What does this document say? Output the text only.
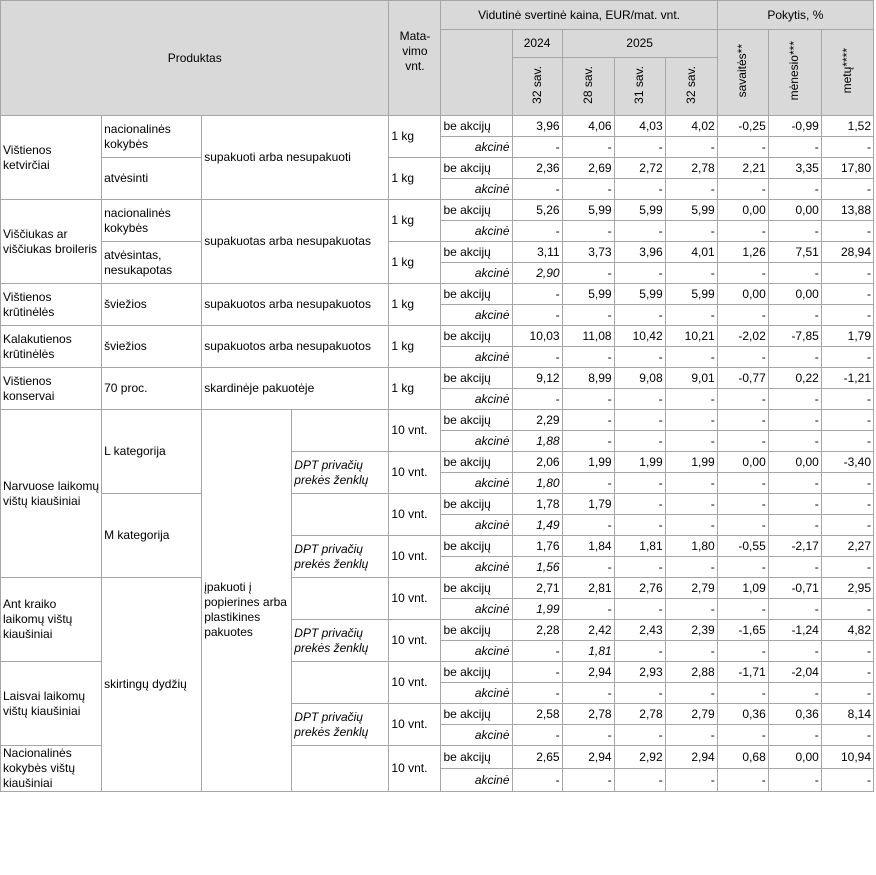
Produktas				Mata-
vimo
vnt.	Vidutinė svertinė kaina, EUR/mat. vnt.					Pokytis, %		
						2024	2025			savaitės**	mėnesio***	metų****
						32 sav.	28 sav.	31 sav.	32 sav.			
Vištienos ketvirčiai	nacionalinės kokybės	supakuoti arba nesupakuoti		1 kg	be akcijų	3,96	4,06	4,03	4,02	-0,25	-0,99	1,52
					akcinė	-	-	-	-	-	-	-
	atvėsinti			1 kg	be akcijų	2,36	2,69	2,72	2,78	2,21	3,35	17,80
					akcinė	-	-	-	-	-	-	-
Viščiukas ar viščiukas broileris	nacionalinės kokybės	supakuotas arba nesupakuotas		1 kg	be akcijų	5,26	5,99	5,99	5,99	0,00	0,00	13,88
					akcinė	-	-	-	-	-	-	-
	atvėsintas, nesukapotas			1 kg	be akcijų	3,11	3,73	3,96	4,01	1,26	7,51	28,94
					akcinė	2,90	-	-	-	-	-	-
Vištienos krūtinėlės	šviežios	supakuotos arba nesupakuotos		1 kg	be akcijų	-	5,99	5,99	5,99	0,00	0,00	-
					akcinė	-	-	-	-	-	-	-
Kalakutienos krūtinėlės	šviežios	supakuotos arba nesupakuotos		1 kg	be akcijų	10,03	11,08	10,42	10,21	-2,02	-7,85	1,79
					akcinė	-	-	-	-	-	-	-
Vištienos konservai	70 proc.	skardinėje pakuotėje		1 kg	be akcijų	9,12	8,99	9,08	9,01	-0,77	0,22	-1,21
					akcinė	-	-	-	-	-	-	-
Narvuose laikomų vištų kiaušiniai	L kategorija	įpakuoti į popierines arba plastikines pakuotes		10 vnt.	be akcijų	2,29	-	-	-	-	-	-
					akcinė	1,88	-	-	-	-	-	-
			DPT privačių prekės ženklų	10 vnt.	be akcijų	2,06	1,99	1,99	1,99	0,00	0,00	-3,40
					akcinė	1,80	-	-	-	-	-	-
	M kategorija			10 vnt.	be akcijų	1,78	1,79	-	-	-	-	-
					akcinė	1,49	-	-	-	-	-	-
			DPT privačių prekės ženklų	10 vnt.	be akcijų	1,76	1,84	1,81	1,80	-0,55	-2,17	2,27
					akcinė	1,56	-	-	-	-	-	-
Ant kraiko laikomų vištų kiaušiniai	skirtingų dydžių			10 vnt.	be akcijų	2,71	2,81	2,76	2,79	1,09	-0,71	2,95
					akcinė	1,99	-	-	-	-	-	-
			DPT privačių prekės ženklų	10 vnt.	be akcijų	2,28	2,42	2,43	2,39	-1,65	-1,24	4,82
					akcinė	-	1,81	-	-	-	-	-
Laisvai laikomų vištų kiaušiniai				10 vnt.	be akcijų	-	2,94	2,93	2,88	-1,71	-2,04	-
					akcinė	-	-	-	-	-	-	-
			DPT privačių prekės ženklų	10 vnt.	be akcijų	2,58	2,78	2,78	2,79	0,36	0,36	8,14
					akcinė	-	-	-	-	-	-	-
Nacionalinės kokybės vištų kiaušiniai				10 vnt.	be akcijų	2,65	2,94	2,92	2,94	0,68	0,00	10,94
					akcinė	-	-	-	-	-	-	-
